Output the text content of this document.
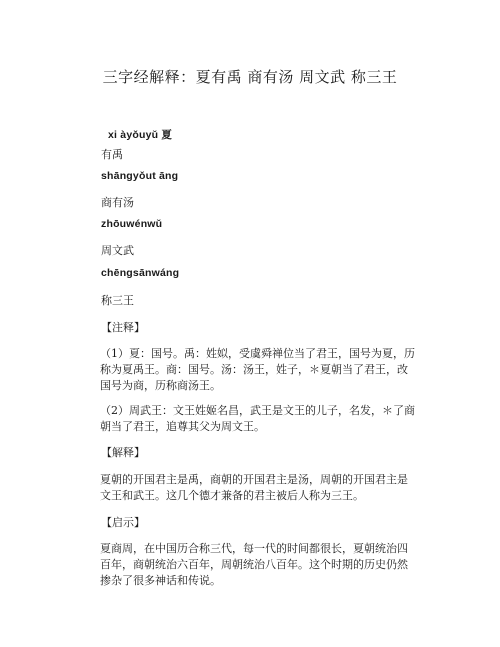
三字经解释：夏有禹 商有汤 周文武 称三王
xi àyǒuyǔ 夏
有禹
shāngyǒut āng
商有汤
zhōuwénwǔ
周文武
chēngsānwáng
称三王
【注释】
（1）夏：国号。禹：姓姒，受虞舜禅位当了君王，国号为夏，历称为夏禹王。商：国号。汤：汤王，姓子，＊夏朝当了君王，改国号为商，历称商汤王。
（2）周武王：文王姓姬名昌，武王是文王的儿子，名发，＊了商朝当了君王，追尊其父为周文王。
【解释】
夏朝的开国君主是禹，商朝的开国君主是汤，周朝的开国君主是文王和武王。这几个德才兼备的君主被后人称为三王。
【启示】
夏商周，在中国历合称三代，每一代的时间都很长，夏朝统治四百年，商朝统治六百年，周朝统治八百年。这个时期的历史仍然掺杂了很多神话和传说。
